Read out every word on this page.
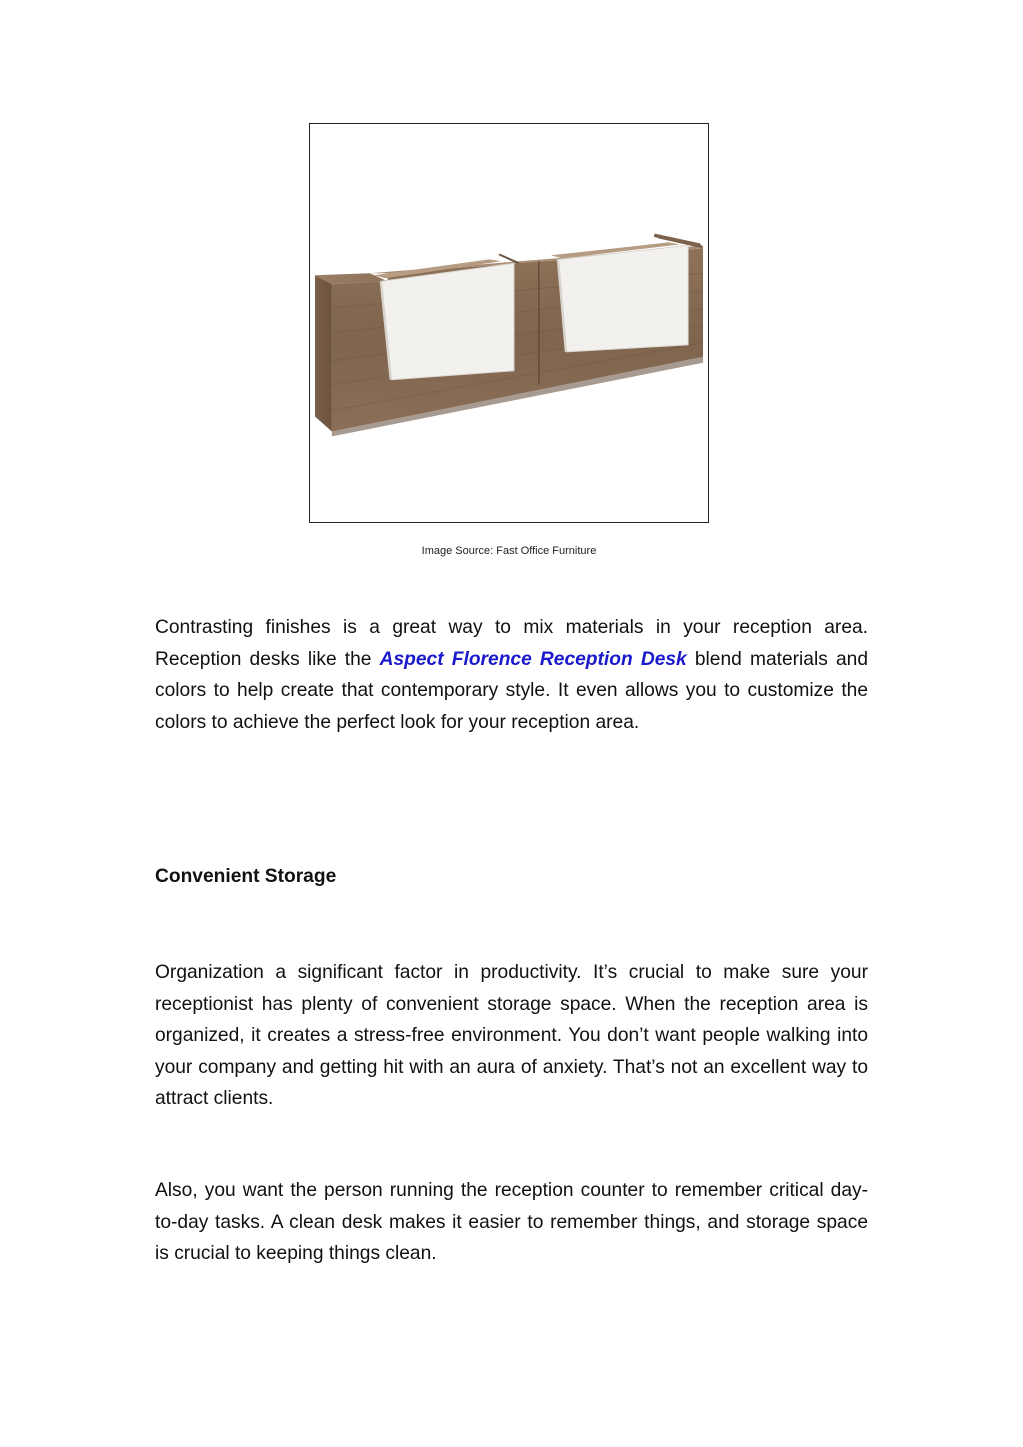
Image Source: Fast Office Furniture

Contrasting finishes is a great way to mix materials in your reception area. Reception desks like the Aspect Florence Reception Desk blend materials and colors to help create that contemporary style. It even allows you to customize the colors to achieve the perfect look for your reception area.

Convenient Storage

Organization a significant factor in productivity. It’s crucial to make sure your receptionist has plenty of convenient storage space. When the reception area is organized, it creates a stress-free environment. You don’t want people walking into your company and getting hit with an aura of anxiety. That’s not an excellent way to attract clients.

Also, you want the person running the reception counter to remember critical day-to-day tasks. A clean desk makes it easier to remember things, and storage space is crucial to keeping things clean.
